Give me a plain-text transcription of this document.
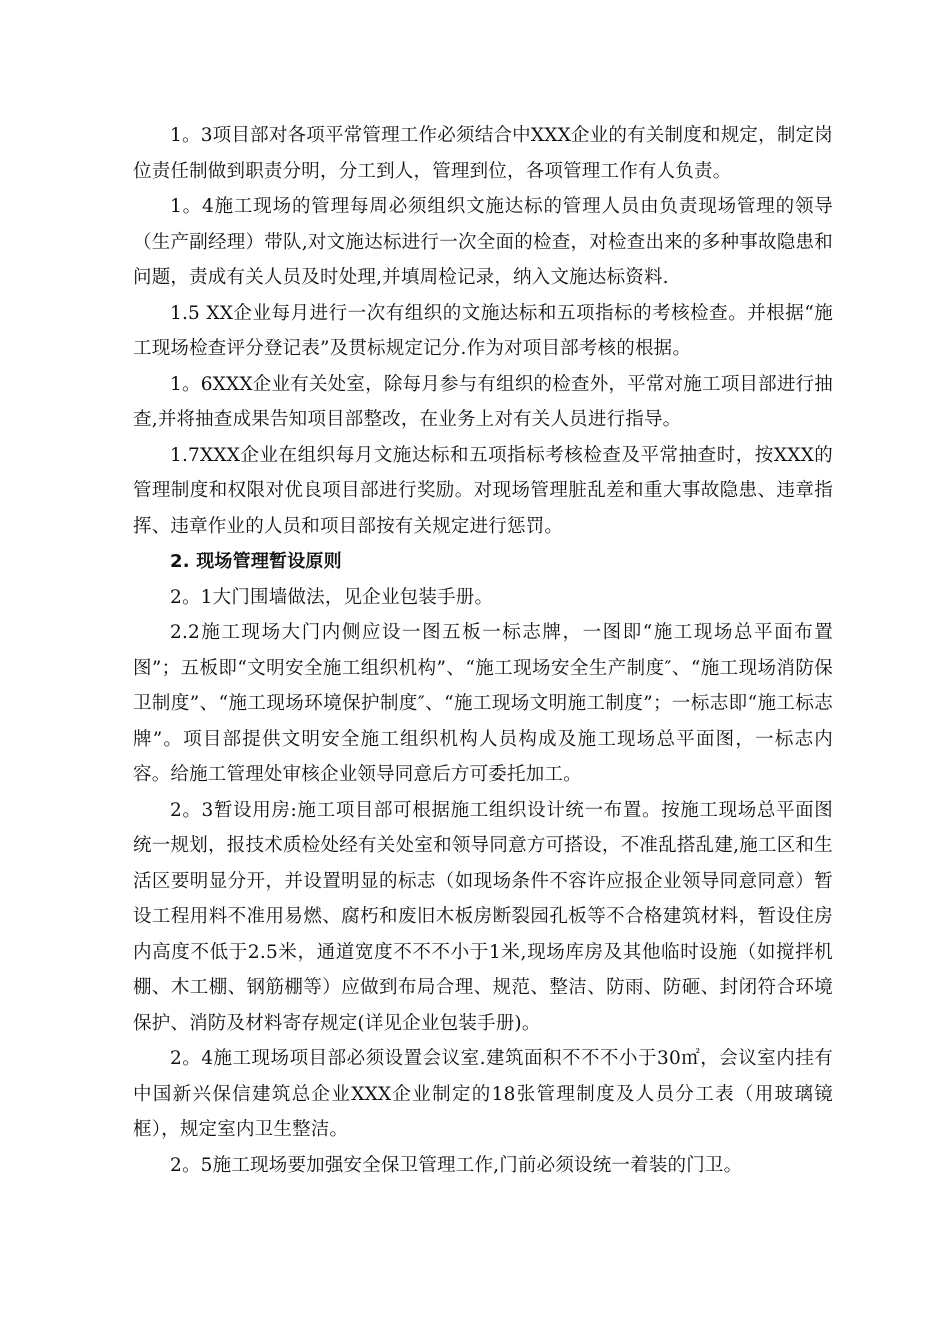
1。3项目部对各项平常管理工作必须结合中XXX企业的有关制度和规定，制定岗位责任制做到职责分明，分工到人，管理到位，各项管理工作有人负责。

1。4施工现场的管理每周必须组织文施达标的管理人员由负责现场管理的领导（生产副经理）带队,对文施达标进行一次全面的检查，对检查出来的多种事故隐患和问题，责成有关人员及时处理,并填周检记录，纳入文施达标资料.

1.5 XX企业每月进行一次有组织的文施达标和五项指标的考核检查。并根据“施工现场检查评分登记表”及贯标规定记分.作为对项目部考核的根据。

1。6XXX企业有关处室，除每月参与有组织的检查外，平常对施工项目部进行抽查,并将抽查成果告知项目部整改，在业务上对有关人员进行指导。

1.7XXX企业在组织每月文施达标和五项指标考核检查及平常抽查时，按XXX的管理制度和权限对优良项目部进行奖励。对现场管理脏乱差和重大事故隐患、违章指挥、违章作业的人员和项目部按有关规定进行惩罚。

2. 现场管理暂设原则

2。1大门围墙做法，见企业包装手册。

2.2施工现场大门内侧应设一图五板一标志牌，一图即“施工现场总平面布置图”；五板即“文明安全施工组织机构”、“施工现场安全生产制度″、“施工现场消防保卫制度”、“施工现场环境保护制度″、“施工现场文明施工制度”；一标志即“施工标志牌”。项目部提供文明安全施工组织机构人员构成及施工现场总平面图，一标志内容。给施工管理处审核企业领导同意后方可委托加工。

2。3暂设用房:施工项目部可根据施工组织设计统一布置。按施工现场总平面图统一规划，报技术质检处经有关处室和领导同意方可搭设，不准乱搭乱建,施工区和生活区要明显分开，并设置明显的标志（如现场条件不容许应报企业领导同意同意）暂设工程用料不准用易燃、腐朽和废旧木板房断裂园孔板等不合格建筑材料，暂设住房内高度不低于2.5米，通道宽度不不不小于1米,现场库房及其他临时设施（如搅拌机棚、木工棚、钢筋棚等）应做到布局合理、规范、整洁、防雨、防砸、封闭符合环境保护、消防及材料寄存规定(详见企业包装手册)。

2。4施工现场项目部必须设置会议室.建筑面积不不不小于30㎡，会议室内挂有中国新兴保信建筑总企业XXX企业制定的18张管理制度及人员分工表（用玻璃镜框），规定室内卫生整洁。

2。5施工现场要加强安全保卫管理工作,门前必须设统一着装的门卫。
